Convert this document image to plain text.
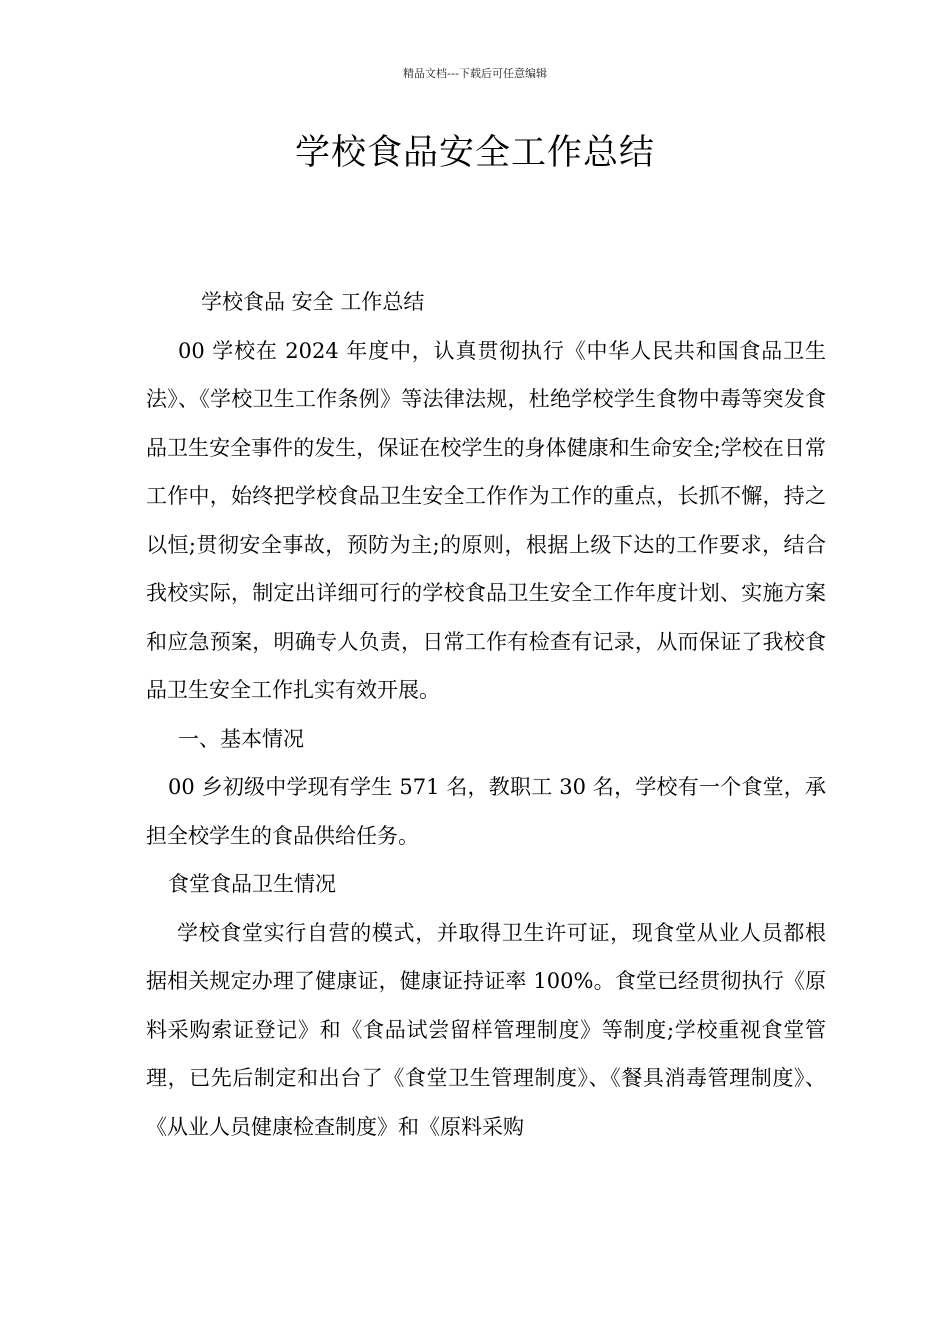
精品文档---下载后可任意编辑
学校食品安全工作总结

学校食品 安全 工作总结

00 学校在 2024 年度中，认真贯彻执行《中华人民共和国食品卫生法》、《学校卫生工作条例》等法律法规，杜绝学校学生食物中毒等突发食品卫生安全事件的发生，保证在校学生的身体健康和生命安全;学校在日常工作中，始终把学校食品卫生安全工作作为工作的重点，长抓不懈，持之以恒;贯彻安全事故，预防为主;的原则，根据上级下达的工作要求，结合我校实际，制定出详细可行的学校食品卫生安全工作年度计划、实施方案和应急预案，明确专人负责，日常工作有检查有记录，从而保证了我校食品卫生安全工作扎实有效开展。

一、基本情况

00 乡初级中学现有学生 571 名，教职工 30 名，学校有一个食堂，承担全校学生的食品供给任务。

食堂食品卫生情况

学校食堂实行自营的模式，并取得卫生许可证，现食堂从业人员都根据相关规定办理了健康证，健康证持证率 100%。食堂已经贯彻执行《原料采购索证登记》和《食品试尝留样管理制度》等制度;学校重视食堂管理，已先后制定和出台了《食堂卫生管理制度》、《餐具消毒管理制度》、《从业人员健康检查制度》和《原料采购
